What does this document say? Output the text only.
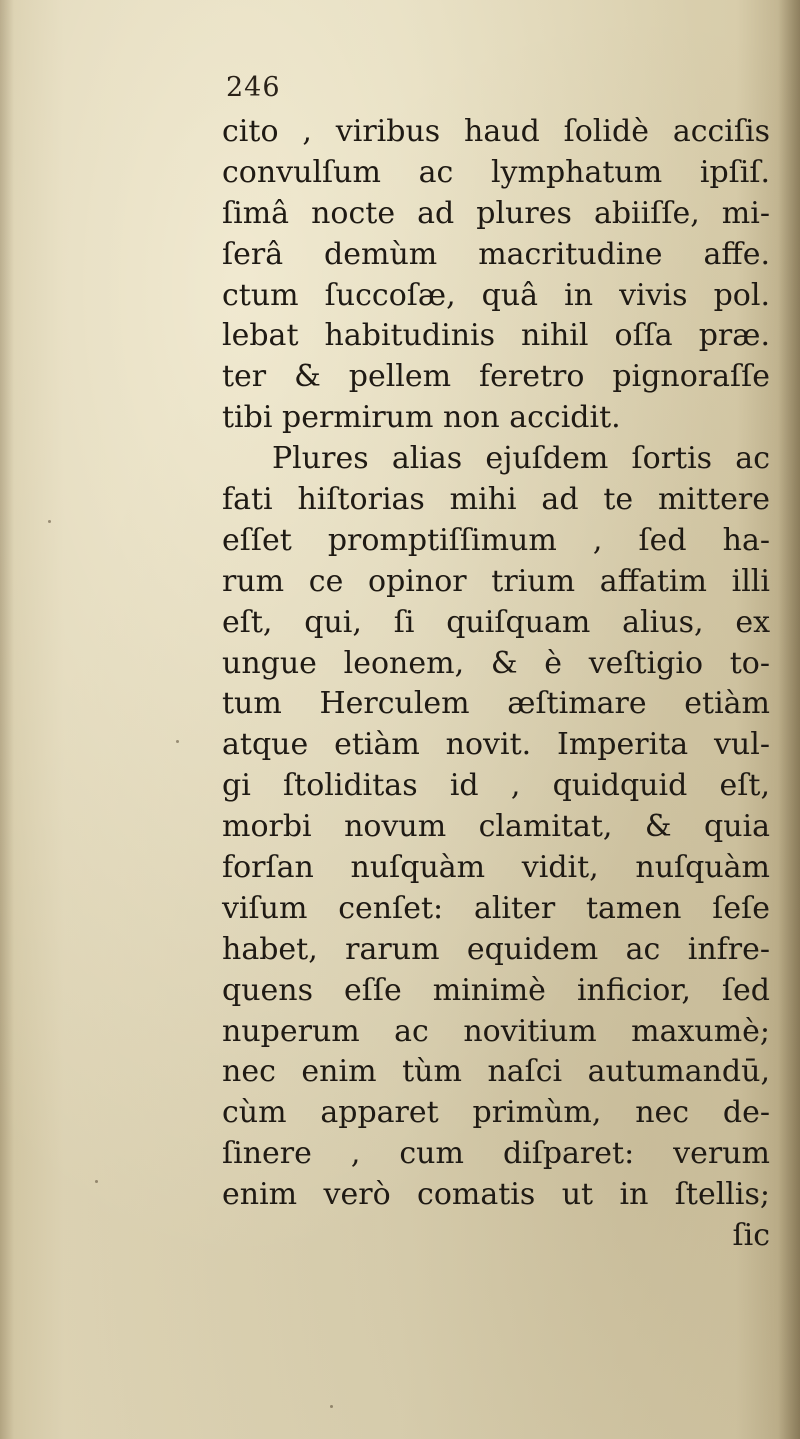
246
cito , viribus haud ſolidè acciſis
convulſum ac lymphatum ipſiſ.
ſimâ nocte ad plures abiiſſe, mi-
ſerâ demùm macritudine affe.
ctum ſuccoſæ, quâ in vivis pol.
lebat habitudinis nihil oſſa præ.
ter & pellem feretro pignoraſſe
tibi permirum non accidit.
Plures alias ejuſdem ſortis ac
fati hiſtorias mihi ad te mittere
eſſet promptiſſimum , ſed ha-
rum ce opinor trium affatim illi
eſt, qui, ſi quiſquam alius, ex
ungue leonem, & è veſtigio to-
tum Herculem æſtimare etiàm
atque etiàm novit. Imperita vul-
gi ſtoliditas id , quidquid eſt,
morbi novum clamitat, & quia
forſan nuſquàm vidit, nuſquàm
viſum cenſet: aliter tamen ſeſe
habet, rarum equidem ac infre-
quens eſſe minimè inficior, ſed
nuperum ac novitium maxumè;
nec enim tùm naſci autumandū,
cùm apparet primùm, nec de-
ſinere , cum diſparet: verum
enim verò comatis ut in ſtellis;
ſic
